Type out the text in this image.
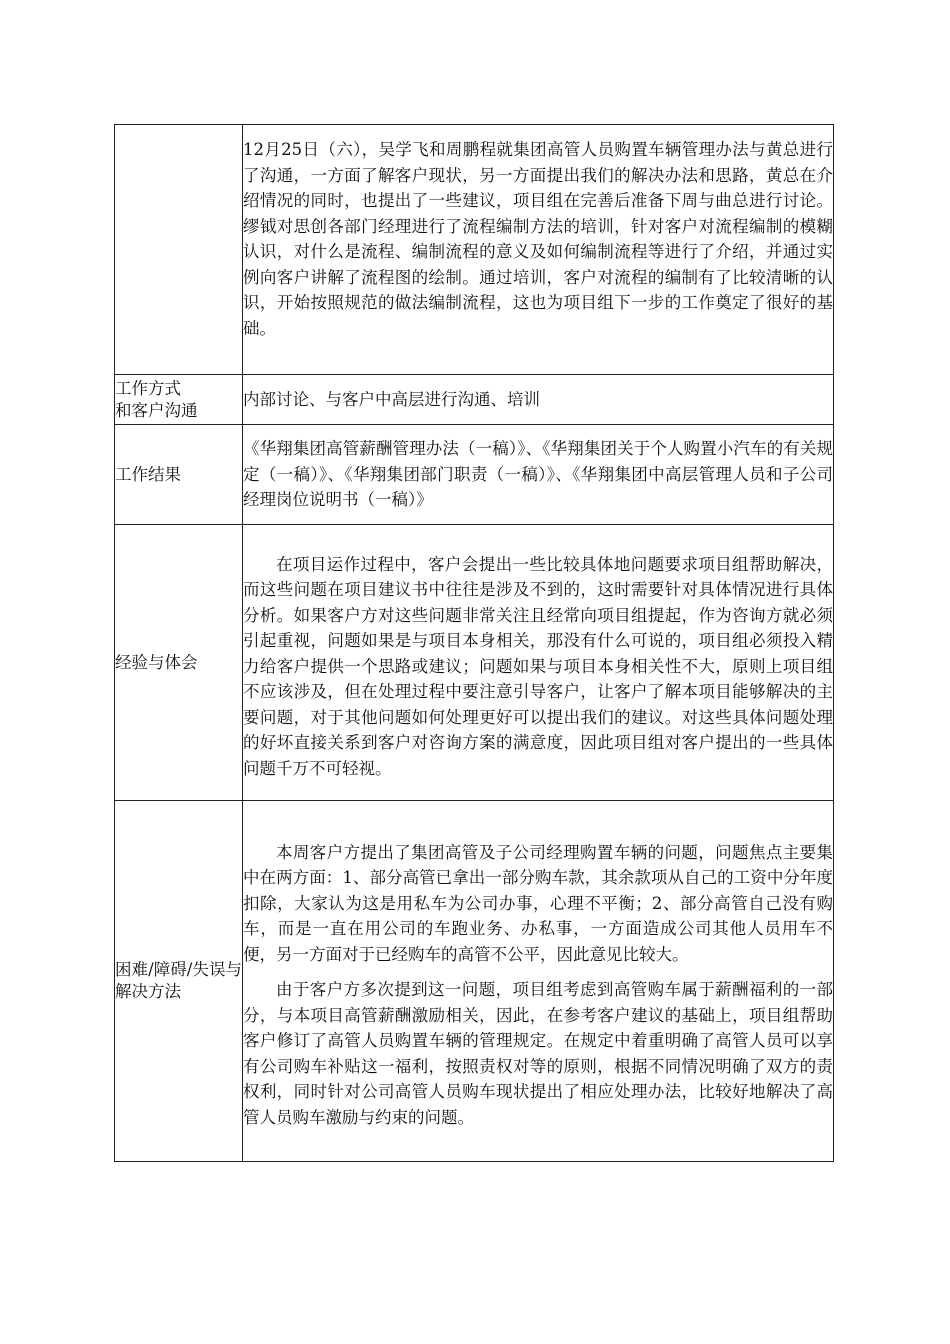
	12月25日（六），吴学飞和周鹏程就集团高管人员购置车辆管理办法与黄总进行了沟通，一方面了解客户现状，另一方面提出我们的解决办法和思路，黄总在介绍情况的同时，也提出了一些建议，项目组在完善后准备下周与曲总进行讨论。缪钺对思创各部门经理进行了流程编制方法的培训，针对客户对流程编制的模糊认识，对什么是流程、编制流程的意义及如何编制流程等进行了介绍，并通过实例向客户讲解了流程图的绘制。通过培训，客户对流程的编制有了比较清晰的认识，开始按照规范的做法编制流程，这也为项目组下一步的工作奠定了很好的基础。

工作方式
和客户沟通	内部讨论、与客户中高层进行沟通、培训

工作结果	《华翔集团高管薪酬管理办法（一稿）》、《华翔集团关于个人购置小汽车的有关规定（一稿）》、《华翔集团部门职责（一稿）》、《华翔集团中高层管理人员和子公司经理岗位说明书（一稿）》

经验与体会	在项目运作过程中，客户会提出一些比较具体地问题要求项目组帮助解决，而这些问题在项目建议书中往往是涉及不到的，这时需要针对具体情况进行具体分析。如果客户方对这些问题非常关注且经常向项目组提起，作为咨询方就必须引起重视，问题如果是与项目本身相关，那没有什么可说的，项目组必须投入精力给客户提供一个思路或建议；问题如果与项目本身相关性不大，原则上项目组不应该涉及，但在处理过程中要注意引导客户，让客户了解本项目能够解决的主要问题，对于其他问题如何处理更好可以提出我们的建议。对这些具体问题处理的好坏直接关系到客户对咨询方案的满意度，因此项目组对客户提出的一些具体问题千万不可轻视。

困难/障碍/失误与解决方法	本周客户方提出了集团高管及子公司经理购置车辆的问题，问题焦点主要集中在两方面：1、部分高管已拿出一部分购车款，其余款项从自己的工资中分年度扣除，大家认为这是用私车为公司办事，心理不平衡；2、部分高管自己没有购车，而是一直在用公司的车跑业务、办私事，一方面造成公司其他人员用车不便，另一方面对于已经购车的高管不公平，因此意见比较大。

由于客户方多次提到这一问题，项目组考虑到高管购车属于薪酬福利的一部分，与本项目高管薪酬激励相关，因此，在参考客户建议的基础上，项目组帮助客户修订了高管人员购置车辆的管理规定。在规定中着重明确了高管人员可以享有公司购车补贴这一福利，按照责权对等的原则，根据不同情况明确了双方的责权利，同时针对公司高管人员购车现状提出了相应处理办法，比较好地解决了高管人员购车激励与约束的问题。
